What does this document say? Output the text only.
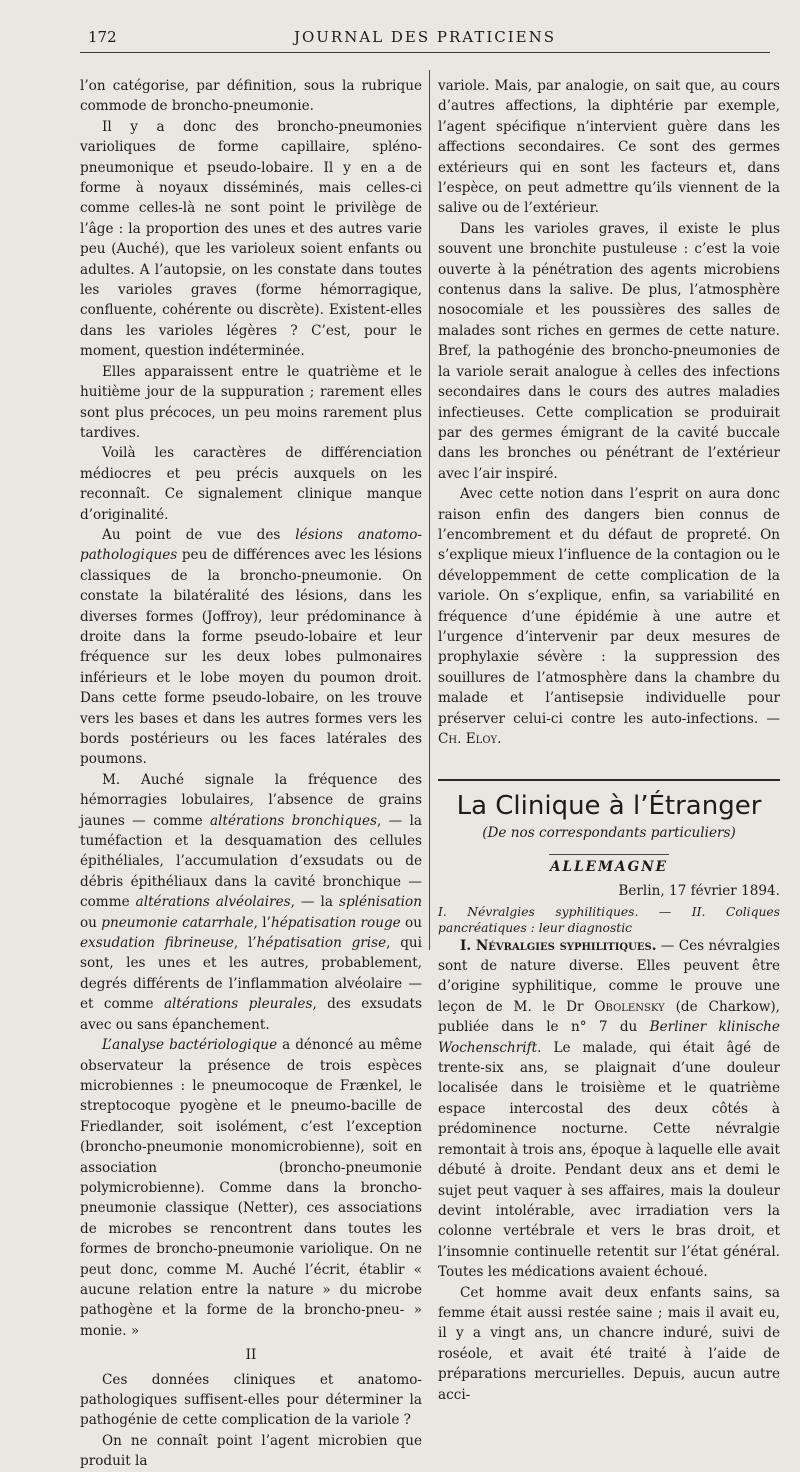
172	JOURNAL DES PRATICIENS

l’on catégorise, par définition, sous la rubrique commode de broncho-pneumonie.

Il y a donc des broncho-pneumonies varioliques de forme capillaire, spléno-pneumonique et pseudo-lobaire. Il y en a de forme à noyaux disséminés, mais celles-ci comme celles-là ne sont point le privilège de l’âge : la proportion des unes et des autres varie peu (Auché), que les varioleux soient enfants ou adultes. A l’autopsie, on les constate dans toutes les varioles graves (forme hémorragique, confluente, cohérente ou discrète). Existent-elles dans les varioles légères ? C’est, pour le moment, question indéterminée.

Elles apparaissent entre le quatrième et le huitième jour de la suppuration ; rarement elles sont plus précoces, un peu moins rarement plus tardives.

Voilà les caractères de différenciation médiocres et peu précis auxquels on les reconnaît. Ce signalement clinique manque d’originalité.

Au point de vue des lésions anatomo-pathologiques peu de différences avec les lésions classiques de la broncho-pneumonie. On constate la bilatéralité des lésions, dans les diverses formes (Joffroy), leur prédominance à droite dans la forme pseudo-lobaire et leur fréquence sur les deux lobes pulmonaires inférieurs et le lobe moyen du poumon droit. Dans cette forme pseudo-lobaire, on les trouve vers les bases et dans les autres formes vers les bords postérieurs ou les faces latérales des poumons.

M. Auché signale la fréquence des hémorragies lobulaires, l’absence de grains jaunes — comme altérations bronchiques, — la tuméfaction et la desquamation des cellules épithéliales, l’accumulation d’exsudats ou de débris épithéliaux dans la cavité bronchique — comme altérations alvéolaires, — la splénisation ou pneumonie catarrhale, l’hépatisation rouge ou exsudation fibrineuse, l’hépatisation grise, qui sont, les unes et les autres, probablement, degrés différents de l’inflammation alvéolaire — et comme altérations pleurales, des exsudats avec ou sans épanchement.

L’analyse bactériologique a dénoncé au même observateur la présence de trois espèces microbiennes : le pneumocoque de Frænkel, le streptocoque pyogène et le pneumo-bacille de Friedlander, soit isolément, c’est l’exception (broncho-pneumonie monomicrobienne), soit en association (broncho-pneumonie polymicrobienne). Comme dans la broncho-pneumonie classique (Netter), ces associations de microbes se rencontrent dans toutes les formes de broncho-pneumonie variolique. On ne peut donc, comme M. Auché l’écrit, établir « aucune relation entre la nature » du microbe pathogène et la forme de la broncho-pneu- » monie. »

II

Ces données cliniques et anatomo-pathologiques suffisent-elles pour déterminer la pathogénie de cette complication de la variole ?

On ne connaît point l’agent microbien que produit la

variole. Mais, par analogie, on sait que, au cours d’autres affections, la diphtérie par exemple, l’agent spécifique n’intervient guère dans les affections secondaires. Ce sont des germes extérieurs qui en sont les facteurs et, dans l’espèce, on peut admettre qu’ils viennent de la salive ou de l’extérieur.

Dans les varioles graves, il existe le plus souvent une bronchite pustuleuse : c’est la voie ouverte à la pénétration des agents microbiens contenus dans la salive. De plus, l’atmosphère nosocomiale et les poussières des salles de malades sont riches en germes de cette nature. Bref, la pathogénie des broncho-pneumonies de la variole serait analogue à celles des infections secondaires dans le cours des autres maladies infectieuses. Cette complication se produirait par des germes émigrant de la cavité buccale dans les bronches ou pénétrant de l’extérieur avec l’air inspiré.

Avec cette notion dans l’esprit on aura donc raison enfin des dangers bien connus de l’encombrement et du défaut de propreté. On s’explique mieux l’influence de la contagion ou le développemment de cette complication de la variole. On s’explique, enfin, sa variabilité en fréquence d’une épidémie à une autre et l’urgence d’intervenir par deux mesures de prophylaxie sévère : la suppression des souillures de l’atmosphère dans la chambre du malade et l’antisepsie individuelle pour préserver celui-ci contre les auto-infections. — Ch. Eloy.

La Clinique à l’Étranger

(De nos correspondants particuliers)

ALLEMAGNE

Berlin, 17 février 1894.

I. Névralgies syphilitiques. — II. Coliques pancréatiques : leur diagnostic

I. Névralgies syphilitiques. — Ces névralgies sont de nature diverse. Elles peuvent être d’origine syphilitique, comme le prouve une leçon de M. le Dr Obolensky (de Charkow), publiée dans le n° 7 du Berliner klinische Wochenschrift. Le malade, qui était âgé de trente-six ans, se plaignait d’une douleur localisée dans le troisième et le quatrième espace intercostal des deux côtés à prédominence nocturne. Cette névralgie remontait à trois ans, époque à laquelle elle avait débuté à droite. Pendant deux ans et demi le sujet peut vaquer à ses affaires, mais la douleur devint intolérable, avec irradiation vers la colonne vertébrale et vers le bras droit, et l’insomnie continuelle retentit sur l’état général. Toutes les médications avaient échoué.

Cet homme avait deux enfants sains, sa femme était aussi restée saine ; mais il avait eu, il y a vingt ans, un chancre induré, suivi de roséole, et avait été traité à l’aide de préparations mercurielles. Depuis, aucun autre acci-
